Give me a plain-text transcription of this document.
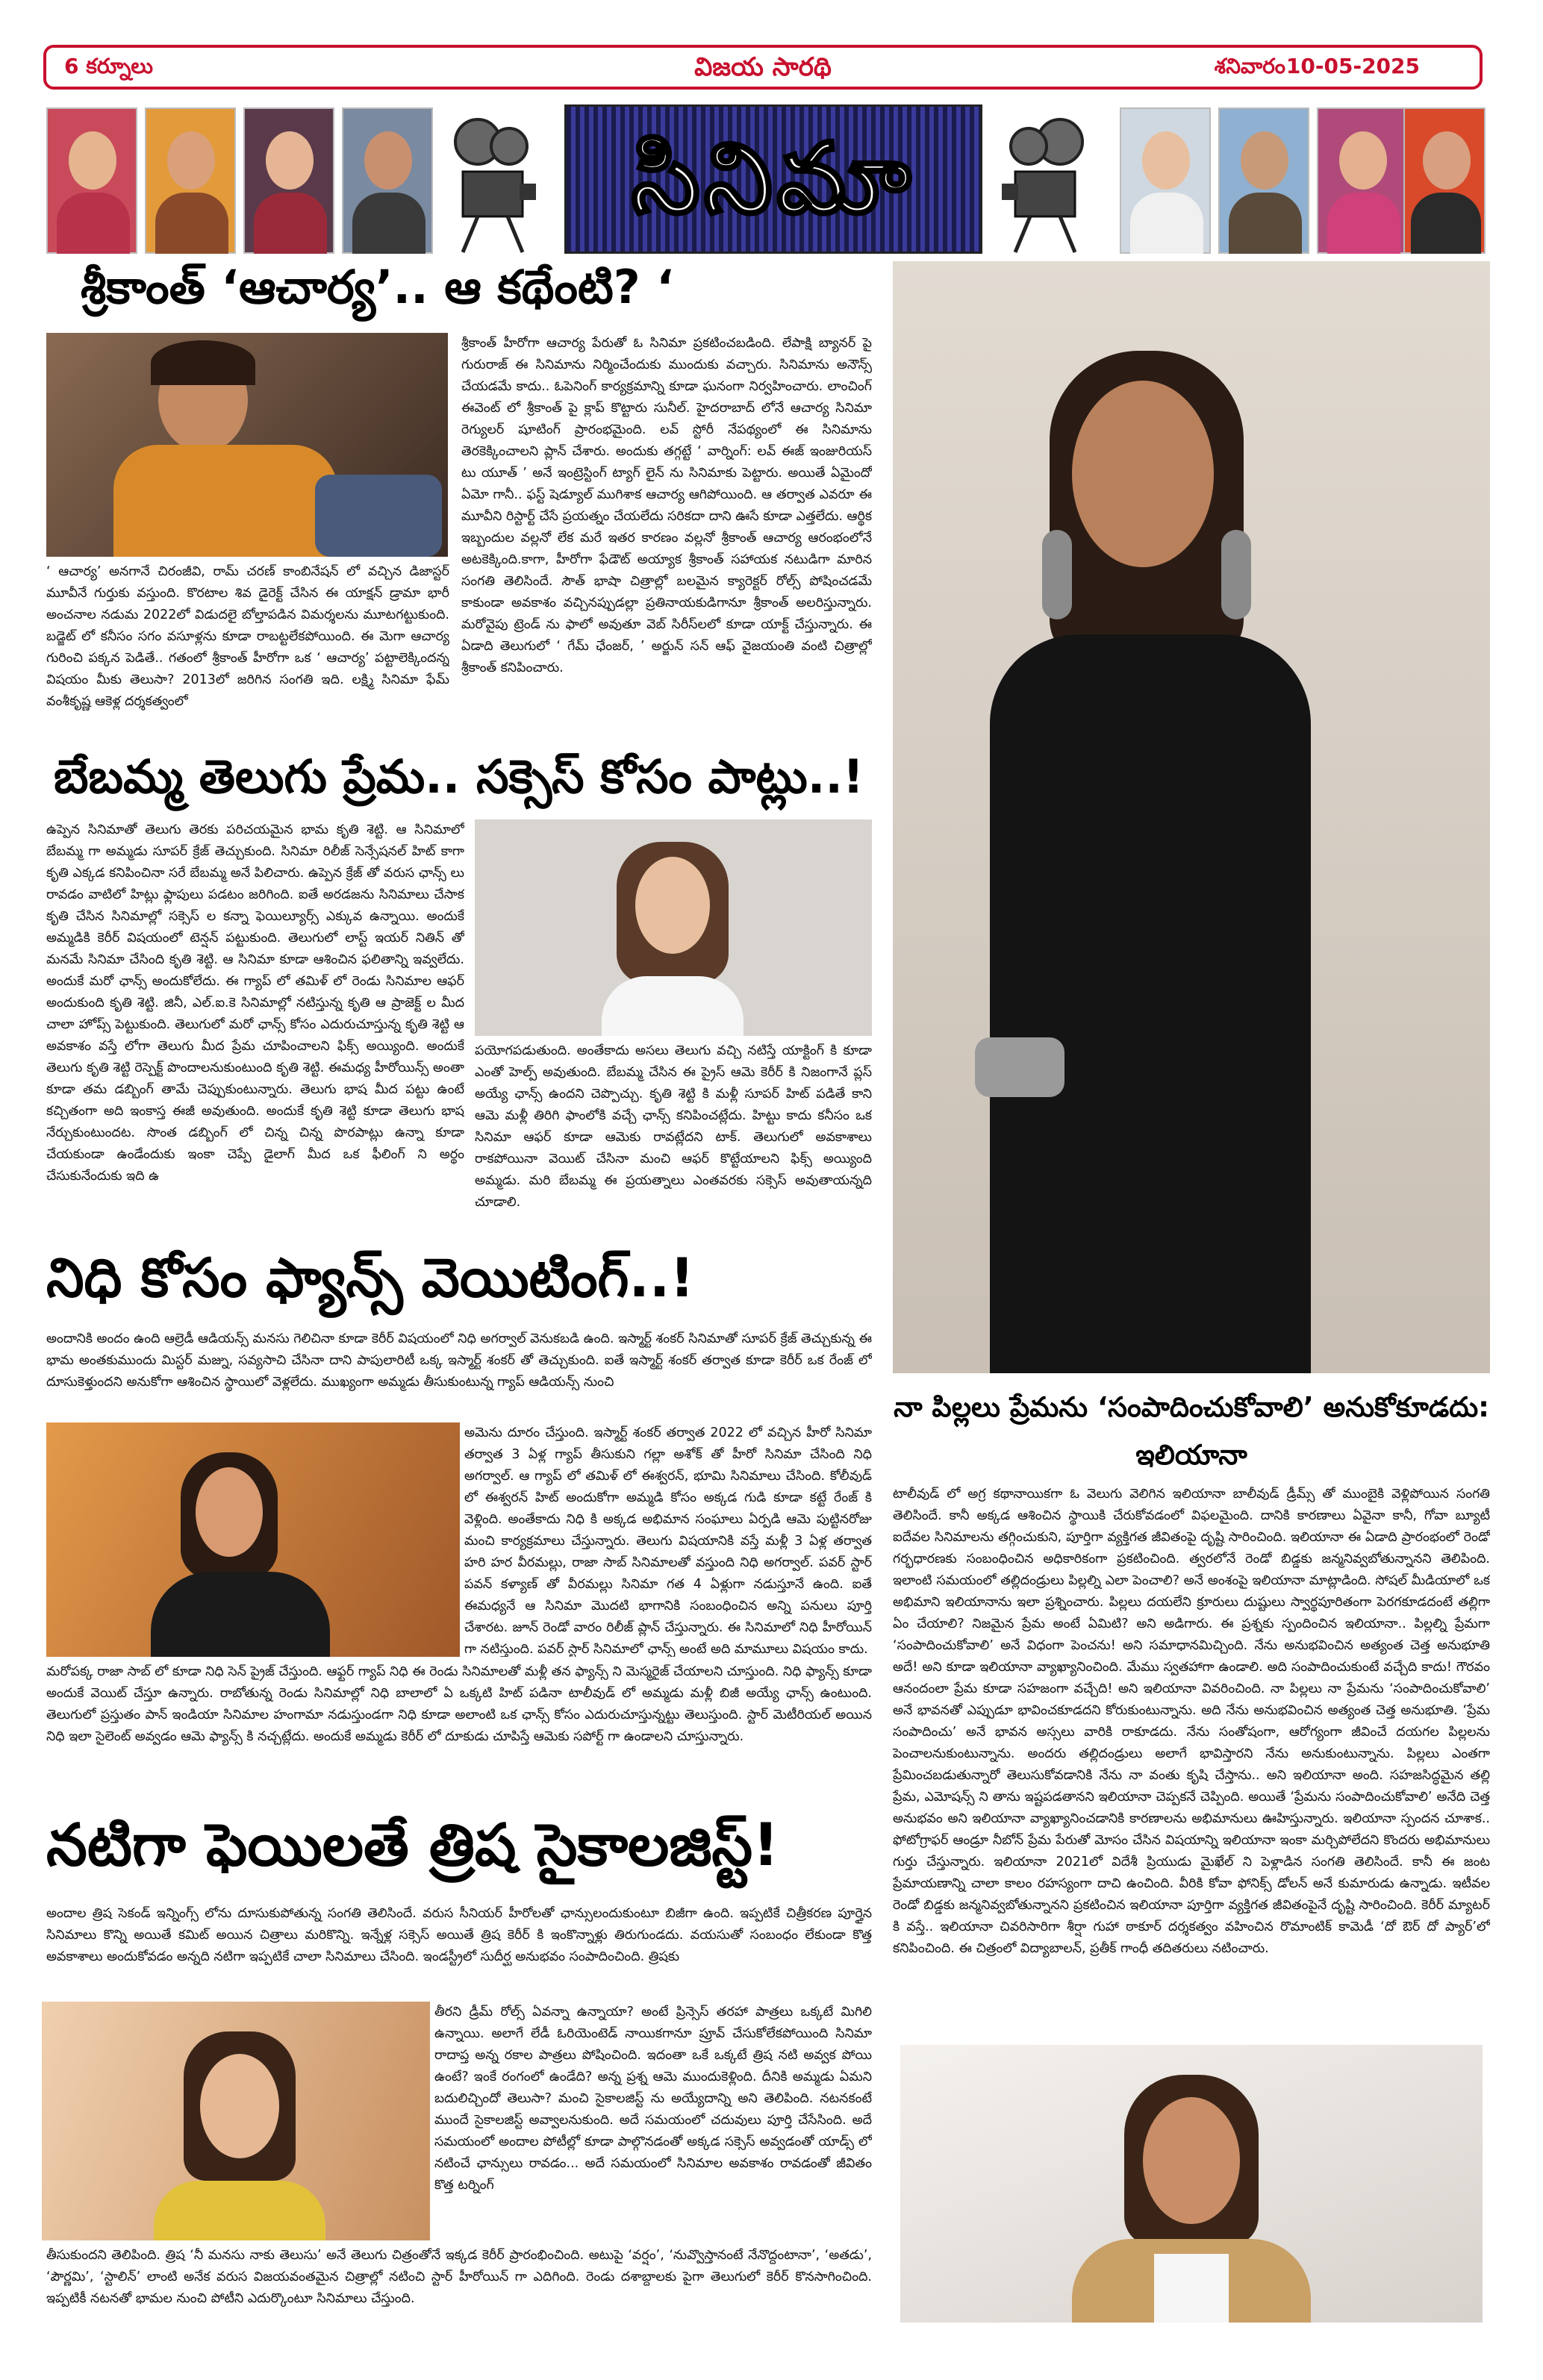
6 కర్నూలు	విజయ సారథి	శనివారం 10-05-2025
సినిమా
శ్రీకాంత్ ‘ఆచార్య’.. ఆ కథేంటి? ‘
‘ ఆచార్య’ అనగానే చిరంజీవి, రామ్ చరణ్ కాంబినేషన్ లో వచ్చిన డిజాస్టర్ మూవీనే గుర్తుకు వస్తుంది. కొరటాల శివ డైరెక్ట్ చేసిన ఈ యాక్షన్ డ్రామా భారీ అంచనాల నడుమ 2022లో విడుదలై బోల్తాపడిన విమర్శలను మూటగట్టుకుంది. బడ్జెట్ లో కనీసం సగం వసూళ్లను కూడా రాబట్టలేకపోయింది. ఈ మెగా ఆచార్య గురించి పక్కన పెడితే.. గతంలో శ్రీకాంత్ హీరోగా ఒక ‘ ఆచార్య’ పట్టాలెక్కిందన్న విషయం మీకు తెలుసా? 2013లో జరిగిన సంగతి ఇది. లక్ష్మి సినిమా ఫేమ్ వంశీకృష్ణ ఆకెళ్ల దర్శకత్వంలో
శ్రీకాంత్ హీరోగా ఆచార్య పేరుతో ఓ సినిమా ప్రకటించబడింది. లేపాక్షి బ్యానర్ పై గురురాజ్ ఈ సినిమాను నిర్మించేందుకు ముందుకు వచ్చారు. సినిమాను అనౌన్స్ చేయడమే కాదు.. ఓపెనింగ్ కార్యక్రమాన్ని కూడా ఘనంగా నిర్వహించారు. లాంచింగ్ ఈవెంట్ లో శ్రీకాంత్ పై క్లాప్ కొట్టారు సునీల్. హైదరాబాద్ లోనే ఆచార్య సినిమా రెగ్యులర్ షూటింగ్ ప్రారంభమైంది. లవ్ స్టోరీ నేపథ్యంలో ఈ సినిమాను తెరకెక్కించాలని ప్లాన్ చేశారు. అందుకు తగ్గట్టే ‘ వార్నింగ్: లవ్ ఈజ్ ఇంజురియస్ టు యూత్ ’ అనే ఇంట్రెస్టింగ్ ట్యాగ్ లైన్ ను సినిమాకు పెట్టారు. అయితే ఏమైందో ఏమో గానీ.. ఫస్ట్ షెడ్యూల్ ముగిశాక ఆచార్య ఆగిపోయింది. ఆ తర్వాత ఎవరూ ఈ మూవీని రిస్టార్ట్ చేసే ప్రయత్నం చేయలేదు సరికదా దాని ఊసే కూడా ఎత్తలేదు. ఆర్థిక ఇబ్బందుల వల్లనో లేక మరే ఇతర కారణం వల్లనో శ్రీకాంత్ ఆచార్య ఆరంభంలోనే అటకెక్కింది.కాగా, హీరోగా ఫేడౌట్ అయ్యాక శ్రీకాంత్ సహాయక నటుడిగా మారిన సంగతి తెలిసిందే. సౌత్ భాషా చిత్రాల్లో బలమైన క్యారెక్టర్ రోల్స్ పోషించడమే కాకుండా అవకాశం వచ్చినప్పుడల్లా ప్రతినాయకుడిగానూ శ్రీకాంత్ అలరిస్తున్నారు. మరోవైపు ట్రెండ్ ను ఫాలో అవుతూ వెబ్ సిరీస్‌లలో కూడా యాక్ట్ చేస్తున్నారు. ఈ ఏడాది తెలుగులో ‘ గేమ్ ఛేంజర్, ’ అర్జున్ సన్ ఆఫ్ వైజయంతి వంటి చిత్రాల్లో శ్రీకాంత్ కనిపించారు.
బేబమ్మ తెలుగు ప్రేమ.. సక్సెస్ కోసం పాట్లు..!
ఉప్పెన సినిమాతో తెలుగు తెరకు పరిచయమైన భామ కృతి శెట్టి. ఆ సినిమాలో బేబమ్మ గా అమ్మడు సూపర్ క్రేజ్ తెచ్చుకుంది. సినిమా రిలీజ్ సెన్సేషనల్ హిట్ కాగా కృతి ఎక్కడ కనిపించినా సరే బేబమ్మ అనే పిలిచారు. ఉప్పెన క్రేజ్ తో వరుస ఛాన్స్ లు రావడం వాటిలో హిట్లు ఫ్లాపులు పడటం జరిగింది. ఐతే అరడజను సినిమాలు చేసాక కృతి చేసిన సినిమాల్లో సక్సెస్ ల కన్నా ఫెయిల్యూర్స్ ఎక్కువ ఉన్నాయి. అందుకే అమ్మడికి కెరీర్ విషయంలో టెన్షన్ పట్టుకుంది. తెలుగులో లాస్ట్ ఇయర్ నితిన్ తో మనమే సినిమా చేసింది కృతి శెట్టి. ఆ సినిమా కూడా ఆశించిన ఫలితాన్ని ఇవ్వలేదు. అందుకే మరో ఛాన్స్ అందుకోలేదు. ఈ గ్యాప్ లో తమిళ్ లో రెండు సినిమాల ఆఫర్ అందుకుంది కృతి శెట్టి. జినీ, ఎల్.ఐ.కె సినిమాల్లో నటిస్తున్న కృతి ఆ ప్రాజెక్ట్ ల మీద చాలా హోప్స్ పెట్టుకుంది. తెలుగులో మరో ఛాన్స్ కోసం ఎదురుచూస్తున్న కృతి శెట్టి ఆ అవకాశం వస్తే లోగా తెలుగు మీద ప్రేమ చూపించాలని ఫిక్స్ అయ్యింది. అందుకే తెలుగు కృతి శెట్టి రెస్పెక్ట్ పొందాలనుకుంటుంది కృతి శెట్టి. ఈమధ్య హీరోయిన్స్ అంతా కూడా తమ డబ్బింగ్ తామే చెప్పుకుంటున్నారు. తెలుగు భాష మీద పట్టు ఉంటే కచ్చితంగా అది ఇంకాస్త ఈజీ అవుతుంది. అందుకే కృతి శెట్టి కూడా తెలుగు భాష నేర్చుకుంటుందట. సొంత డబ్బింగ్ లో చిన్న చిన్న పొరపాట్లు ఉన్నా కూడా చేయకుండా ఉండేందుకు ఇంకా చెప్పే డైలాగ్ మీద ఒక ఫీలింగ్ ని అర్థం చేసుకునేందుకు ఇది ఉ
పయోగపడుతుంది. అంతేకాదు అసలు తెలుగు వచ్చి నటిస్తే యాక్టింగ్ కి కూడా ఎంతో హెల్ప్ అవుతుంది. బేబమ్మ చేసిన ఈ ప్రైస్ ఆమె కెరీర్ కి నిజంగానే ప్లస్ అయ్యే ఛాన్స్ ఉందని చెప్పొచ్చు. కృతి శెట్టి కి మళ్లీ సూపర్ హిట్ పడితే కాని ఆమె మళ్లీ తిరిగి ఫాంలోకి వచ్చే ఛాన్స్ కనిపించట్లేదు. హిట్టు కాదు కనీసం ఒక సినిమా ఆఫర్ కూడా ఆమెకు రావట్లేదని టాక్. తెలుగులో అవకాశాలు రాకపోయినా వెయిట్ చేసినా మంచి ఆఫర్ కొట్టేయాలని ఫిక్స్ అయ్యింది అమ్మడు. మరి బేబమ్మ ఈ ప్రయత్నాలు ఎంతవరకు సక్సెస్ అవుతాయన్నది చూడాలి.
నిధి కోసం ఫ్యాన్స్ వెయిటింగ్..!
అందానికి అందం ఉంది ఆల్రెడీ ఆడియన్స్ మనసు గెలిచినా కూడా కెరీర్ విషయంలో నిధి అగర్వాల్ వెనుకబడి ఉంది. ఇస్మార్ట్ శంకర్ సినిమాతో సూపర్ క్రేజ్ తెచ్చుకున్న ఈ భామ అంతకుముందు మిస్టర్ మజ్ను, సవ్యసాచి చేసినా దాని పాపులారిటీ ఒక్క ఇస్మార్ట్ శంకర్ తో తెచ్చుకుంది. ఐతే ఇస్మార్ట్ శంకర్ తర్వాత కూడా కెరీర్ ఒక రేంజ్ లో దూసుకెళ్తుందని అనుకోగా ఆశించిన స్థాయిలో వెళ్లలేదు. ముఖ్యంగా అమ్మడు తీసుకుంటున్న గ్యాప్ ఆడియన్స్ నుంచి
అమెను దూరం చేస్తుంది. ఇస్మార్ట్ శంకర్ తర్వాత 2022 లో వచ్చిన హీరో సినిమా తర్వాత 3 ఏళ్ల గ్యాప్ తీసుకుని గల్లా అశోక్ తో హీరో సినిమా చేసింది నిధి అగర్వాల్. ఆ గ్యాప్ లో తమిళ్ లో ఈశ్వరన్, భూమి సినిమాలు చేసింది. కోలీవుడ్ లో ఈశ్వరన్ హిట్ అందుకోగా అమ్మడి కోసం అక్కడ గుడి కూడా కట్టే రేంజ్ కి వెళ్లింది. అంతేకాదు నిధి కి అక్కడ అభిమాన సంఘాలు ఏర్పడి ఆమె పుట్టినరోజు మంచి కార్యక్రమాలు చేస్తున్నారు. తెలుగు విషయానికి వస్తే మళ్లీ 3 ఏళ్ల తర్వాత హరి హర వీరమల్లు, రాజా సాబ్ సినిమాలతో వస్తుంది నిధి అగర్వాల్. పవర్ స్టార్ పవన్ కళ్యాణ్ తో వీరమల్లు సినిమా గత 4 ఏళ్లుగా నడుస్తూనే ఉంది. ఐతే ఈమధ్యనే ఆ సినిమా మొదటి భాగానికి సంబంధించిన అన్ని పనులు పూర్తి చేశారట. జూన్ రెండో వారం రిలీజ్ ప్లాన్ చేస్తున్నారు. ఈ సినిమాలో నిధి హీరోయిన్ గా నటిస్తుంది. పవర్ స్టార్ సినిమాలో ఛాన్స్ అంటే అది మామూలు విషయం కాదు.
మరోపక్క రాజా సాబ్ లో కూడా నిధి సెన్ ప్రైజ్ చేస్తుంది. ఆఫ్టర్ గ్యాప్ నిధి ఈ రెండు సినిమాలతో మళ్లీ తన ఫ్యాన్స్ ని మెస్మరైజ్ చేయాలని చూస్తుంది. నిధి ఫ్యాన్స్ కూడా అందుకే వెయిట్ చేస్తూ ఉన్నారు. రాబోతున్న రెండు సినిమాల్లో నిధి బాలాలో ఏ ఒక్కటి హిట్ పడినా టాలీవుడ్ లో అమ్మడు మళ్లీ బిజీ అయ్యే ఛాన్స్ ఉంటుంది. తెలుగులో ప్రస్తుతం పాన్ ఇండియా సినిమాల హంగామా నడుస్తుండగా నిధి కూడా అలాంటి ఒక ఛాన్స్ కోసం ఎదురుచూస్తున్నట్టు తెలుస్తుంది. స్టార్ మెటీరియల్ అయిన నిధి ఇలా సైలెంట్ అవ్వడం ఆమె ఫ్యాన్స్ కి నచ్చట్లేదు. అందుకే అమ్మడు కెరీర్ లో దూకుడు చూపిస్తే ఆమెకు సపోర్ట్ గా ఉండాలని చూస్తున్నారు.
నటిగా ఫెయిలతే త్రిష సైకాలజిస్ట్!
అందాల త్రిష సెకండ్ ఇన్నింగ్స్ లోను దూసుకుపోతున్న సంగతి తెలిసిందే. వరుస సీనియర్ హీరోలతో ఛాన్సులందుకుంటూ బిజీగా ఉంది. ఇప్పటికే చిత్రీకరణ పూర్తైన సినిమాలు కొన్ని అయితే కమిట్ అయిన చిత్రాలు మరికొన్ని. ఇన్నేళ్ల సక్సెస్ అయితే త్రిష కెరీర్ కి ఇంకొన్నాళ్లు తిరుగుండదు. వయసుతో సంబంధం లేకుండా కొత్త అవకాశాలు అందుకోవడం అన్నది నటిగా ఇప్పటికే చాలా సినిమాలు చేసింది. ఇండస్ట్రీలో సుదీర్ఘ అనుభవం సంపాదించింది. త్రిషకు
తీరని డ్రీమ్ రోల్స్ ఏవన్నా ఉన్నాయా? అంటే ప్రిన్సెస్ తరహా పాత్రలు ఒక్కటే మిగిలి ఉన్నాయి. అలాగే లేడీ ఓరియెంటెడ్ నాయికగానూ ప్రూవ్ చేసుకోలేకపోయింది సినిమా రాదాప్త అన్న రకాల పాత్రలు పోషించింది. ఇదంతా ఒకే ఒక్కటే త్రిష నటి అవ్వక పోయి ఉంటే? ఇంకే రంగంలో ఉండేది? అన్న ప్రశ్న ఆమె ముందుకెళ్లింది. దీనికి అమ్మడు ఏమని బదులిచ్చిందో తెలుసా? మంచి సైకాలజిస్ట్ ను అయ్యేదాన్ని అని తెలిపింది. నటనకంటే ముందే సైకాలజిస్ట్ అవ్వాలనుకుంది. అదే సమయంలో చదువులు పూర్తి చేసేసింది. అదే సమయంలో అందాల పోటీల్లో కూడా పాల్గొనడంతో అక్కడ సక్సెస్ అవ్వడంతో యాడ్స్ లో నటించే ఛాన్సులు రావడం... అదే సమయంలో సినిమాల అవకాశం రావడంతో జీవితం కొత్త టర్నింగ్
తీసుకుందని తెలిపింది. త్రిష ‘నీ మనసు నాకు తెలుసు’ అనే తెలుగు చిత్రంతోనే ఇక్కడ కెరీర్ ప్రారంభించింది. అటుపై ‘వర్షం’, ‘నువ్వొస్తానంటే నేనొద్దంటానా’, ‘అతడు’, ‘పౌర్ణమి’, ‘స్టాలిన్’ లాంటి అనేక వరుస విజయవంతమైన చిత్రాల్లో నటించి స్టార్ హీరోయిన్ గా ఎదిగింది. రెండు దశాబ్దాలకు పైగా తెలుగులో కెరీర్ కొనసాగించింది. ఇప్పటికీ నటనతో భామల నుంచి పోటీని ఎదుర్కొంటూ సినిమాలు చేస్తుంది.
నా పిల్లలు ప్రేమను ‘సంపాదించుకోవాలి’ అనుకోకూడదు: ఇలియానా
టాలీవుడ్ లో అగ్ర కథానాయికగా ఓ వెలుగు వెలిగిన ఇలియానా బాలీవుడ్ డ్రీమ్స్ తో ముంబైకి వెళ్లిపోయిన సంగతి తెలిసిందే. కానీ అక్కడ ఆశించిన స్థాయికి చేరుకోవడంలో విఫలమైంది. దానికి కారణాలు ఏవైనా కానీ, గోవా బ్యూటీ ఐదేవల సినిమాలను తగ్గించుకుని, పూర్తిగా వ్యక్తిగత జీవితంపై దృష్టి సారించింది. ఇలియానా ఈ ఏడాది ప్రారంభంలో రెండో గర్భధారణకు సంబంధించిన అధికారికంగా ప్రకటించింది. త్వరలోనే రెండో బిడ్డకు జన్మనివ్వబోతున్నానని తెలిపింది. ఇలాంటి సమయంలో తల్లిదండ్రులు పిల్లల్ని ఎలా పెంచాలి? అనే అంశంపై ఇలియానా మాట్లాడింది. సోషల్ మీడియాలో ఒక అభిమాని ఇలియానాను ఇలా ప్రశ్నించారు. పిల్లలు దయలేని క్రూరులు దుష్టులు స్వార్థపూరితంగా పెరగకూడదంటే తల్లిగా ఏం చేయాలి? నిజమైన ప్రేమ అంటే ఏమిటి? అని అడిగారు. ఈ ప్రశ్నకు స్పందించిన ఇలియానా.. పిల్లల్ని ప్రేమగా ‘సంపాదించుకోవాలి’ అనే విధంగా పెంచను! అని సమాధానమిచ్చింది. నేను అనుభవించిన అత్యంత చెత్త అనుభూతి అదే! అని కూడా ఇలియానా వ్యాఖ్యానించింది. మేము స్వతహాగా ఉండాలి. అది సంపాదించుకుంటే వచ్చేది కాదు! గౌరవం ఆనందంలా ప్రేమ కూడా సహజంగా వచ్చేది! అని ఇలియానా వివరించింది. నా పిల్లలు నా ప్రేమను ‘సంపాదించుకోవాలి’ అనే భావనతో ఎప్పుడూ భావించకూడదని కోరుకుంటున్నాను. అది నేను అనుభవించిన అత్యంత చెత్త అనుభూతి. ‘ప్రేమ సంపాదించు’ అనే భావన అస్సలు వారికి రాకూడదు. నేను సంతోషంగా, ఆరోగ్యంగా జీవించే దయగల పిల్లలను పెంచాలనుకుంటున్నాను. అందరు తల్లిదండ్రులు అలాగే భావిస్తారని నేను అనుకుంటున్నాను. పిల్లలు ఎంతగా ప్రేమించబడుతున్నారో తెలుసుకోవడానికి నేను నా వంతు కృషి చేస్తాను.. అని ఇలియానా అంది. సహజసిద్ధమైన తల్లి ప్రేమ, ఎమోషన్స్ ని తాను ఇష్టపడతానని ఇలియానా చెప్పకనే చెప్పింది. అయితే ‘ప్రేమను సంపాదించుకోవాలి’ అనేది చెత్త అనుభవం అని ఇలియానా వ్యాఖ్యానించడానికి కారణాలను అభిమానులు ఊహిస్తున్నారు. ఇలియానా స్పందన చూశాక.. ఫోటోగ్రాఫర్ ఆండ్రూ నీబోన్ ప్రేమ పేరుతో మోసం చేసిన విషయాన్ని ఇలియానా ఇంకా మర్చిపోలేదని కొందరు అభిమానులు గుర్తు చేస్తున్నారు. ఇలియానా 2021లో విదేశీ ప్రియుడు మైఖేల్ ని పెళ్లాడిన సంగతి తెలిసిందే. కానీ ఈ జంట ప్రేమాయణాన్ని చాలా కాలం రహస్యంగా దాచి ఉంచింది. వీరికి కోవా ఫోనిక్స్ డోలన్ అనే కుమారుడు ఉన్నాడు. ఇటీవల రెండో బిడ్డకు జన్మనివ్వబోతున్నానని ప్రకటించిన ఇలియానా పూర్తిగా వ్యక్తిగత జీవితంపైనే దృష్టి సారించింది. కెరీర్ మ్యాటర్ కి వస్తే.. ఇలియానా చివరిసారిగా శీర్షా గుహా ఠాకూర్ దర్శకత్వం వహించిన రొమాంటిక్ కామెడీ ‘దో ఔర్ దో ప్యార్’లో కనిపించింది. ఈ చిత్రంలో విద్యాబాలన్, ప్రతీక్ గాంధీ తదితరులు నటించారు.
